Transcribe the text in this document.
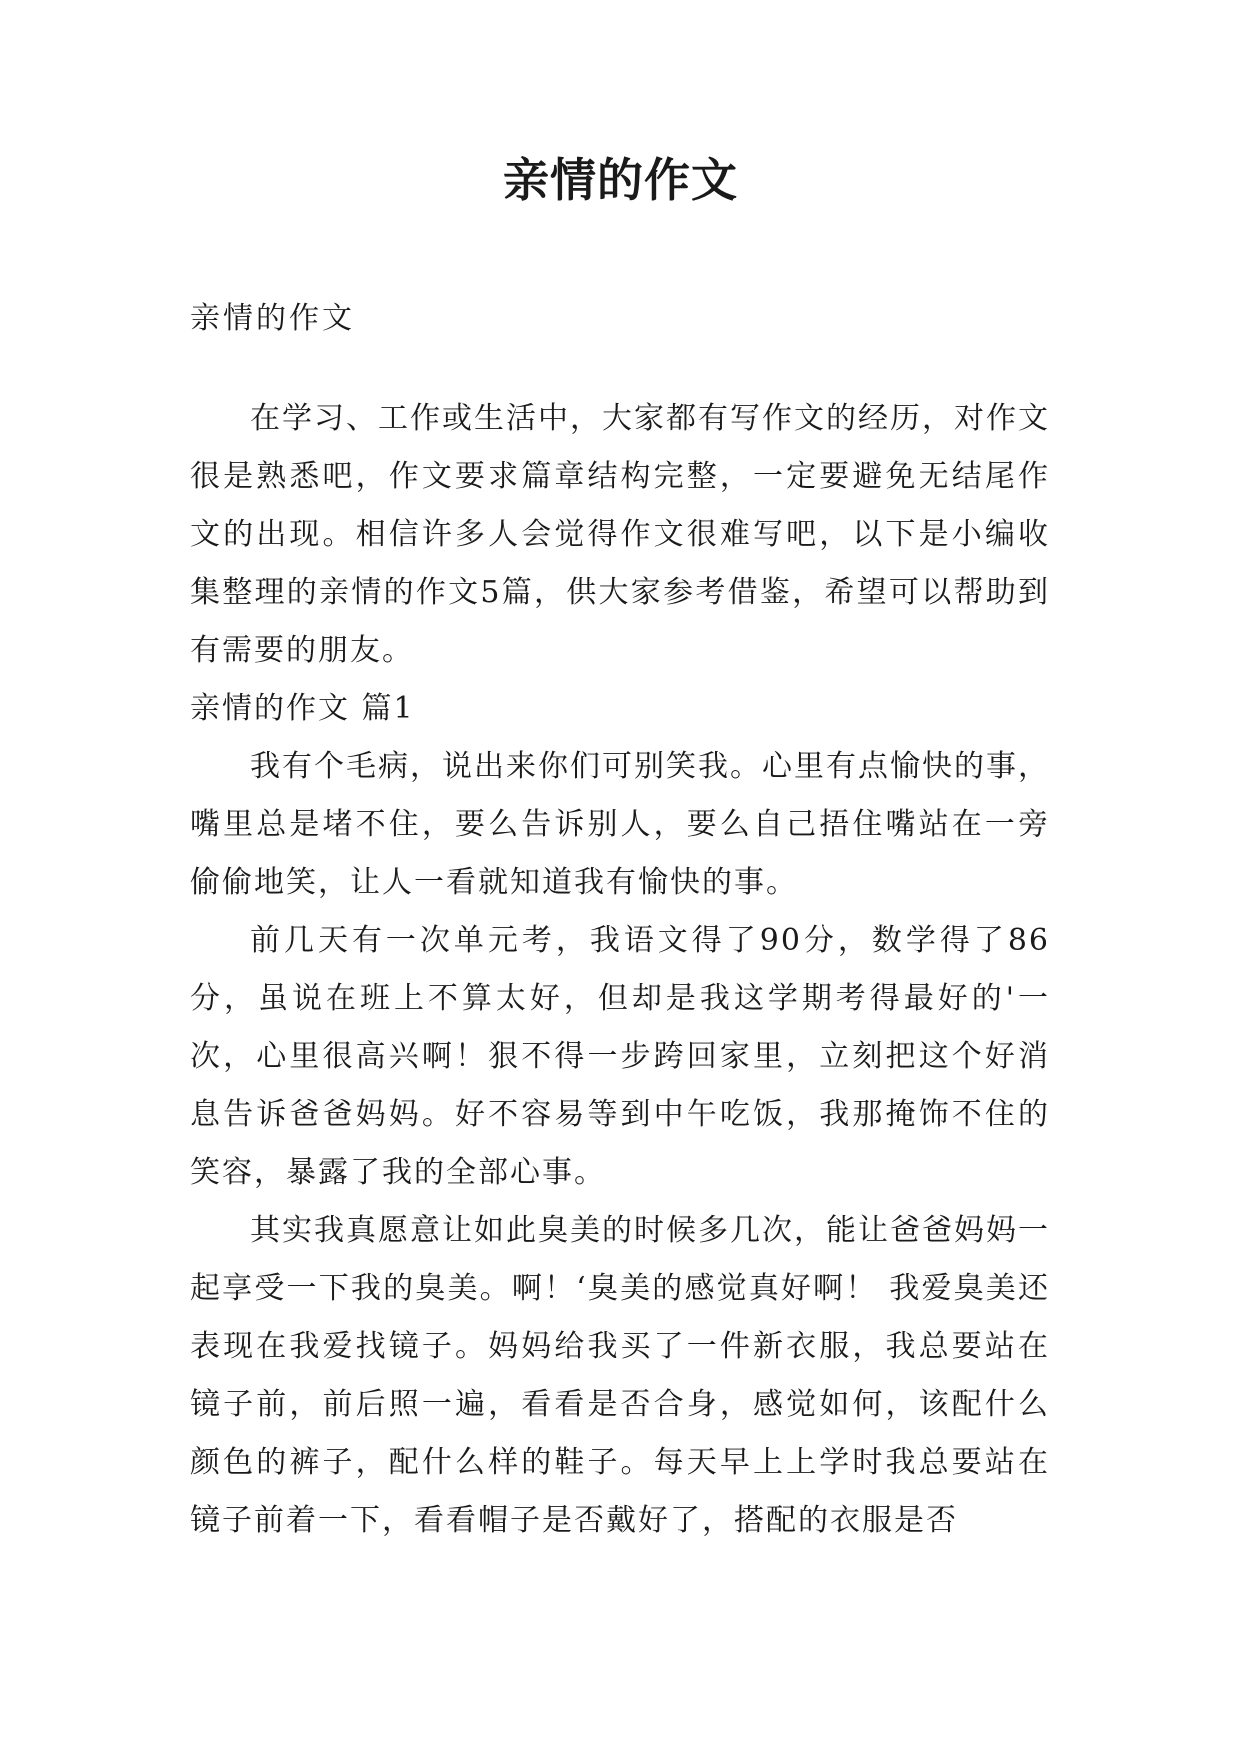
亲情的作文

亲情的作文

在学习、工作或生活中，大家都有写作文的经历，对作文很是熟悉吧，作文要求篇章结构完整，一定要避免无结尾作文的出现。相信许多人会觉得作文很难写吧，以下是小编收集整理的亲情的作文5篇，供大家参考借鉴，希望可以帮助到有需要的朋友。

亲情的作文 篇1

我有个毛病，说出来你们可别笑我。心里有点愉快的事，嘴里总是堵不住，要么告诉别人，要么自己捂住嘴站在一旁偷偷地笑，让人一看就知道我有愉快的事。

前几天有一次单元考，我语文得了90分，数学得了86分，虽说在班上不算太好，但却是我这学期考得最好的'一次，心里很高兴啊！狠不得一步跨回家里，立刻把这个好消息告诉爸爸妈妈。好不容易等到中午吃饭，我那掩饰不住的笑容，暴露了我的全部心事。

其实我真愿意让如此臭美的时候多几次，能让爸爸妈妈一起享受一下我的臭美。啊！‘臭美的感觉真好啊！ 我爱臭美还表现在我爱找镜子。妈妈给我买了一件新衣服，我总要站在镜子前，前后照一遍，看看是否合身，感觉如何，该配什么颜色的裤子，配什么样的鞋子。每天早上上学时我总要站在镜子前着一下，看看帽子是否戴好了，搭配的衣服是否
